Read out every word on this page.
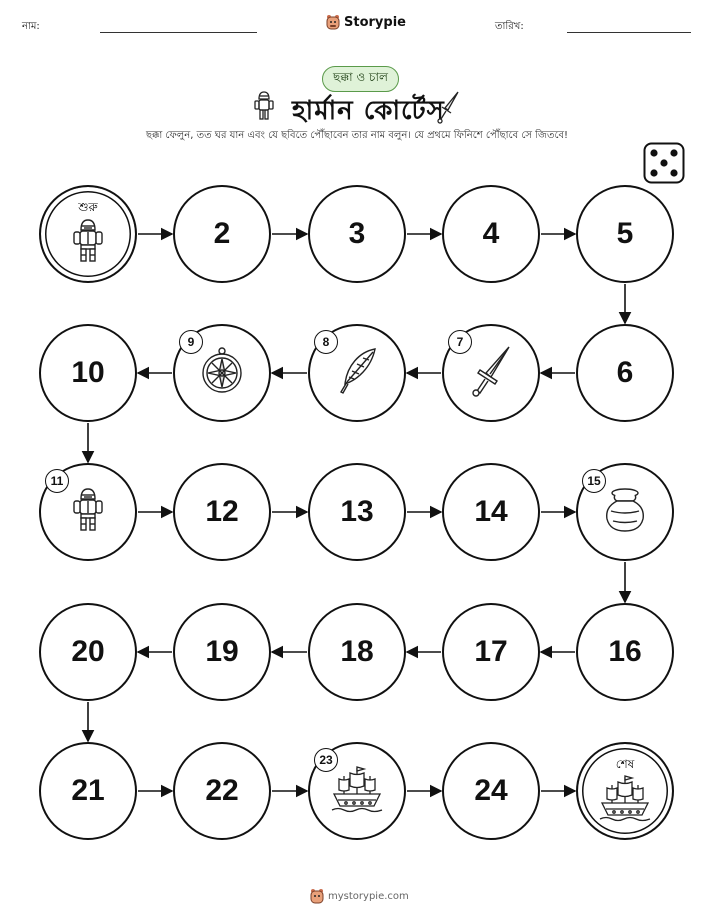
নাম:	Storypie	তারিখ:
ছক্কা ও চাল
হার্মান কোর্টেস
ছক্কা ফেলুন, তত ঘর যান এবং যে ছবিতে পৌঁছাবেন তার নাম বলুন। যে প্রথমে ফিনিশে পৌঁছাবে সে জিতবে!
শুরু
2	3	4	5
10
9	8	7
6
11
12	13	14
15
20	19	18	17	16
21	22
23
24
শেষ
mystorypie.com
